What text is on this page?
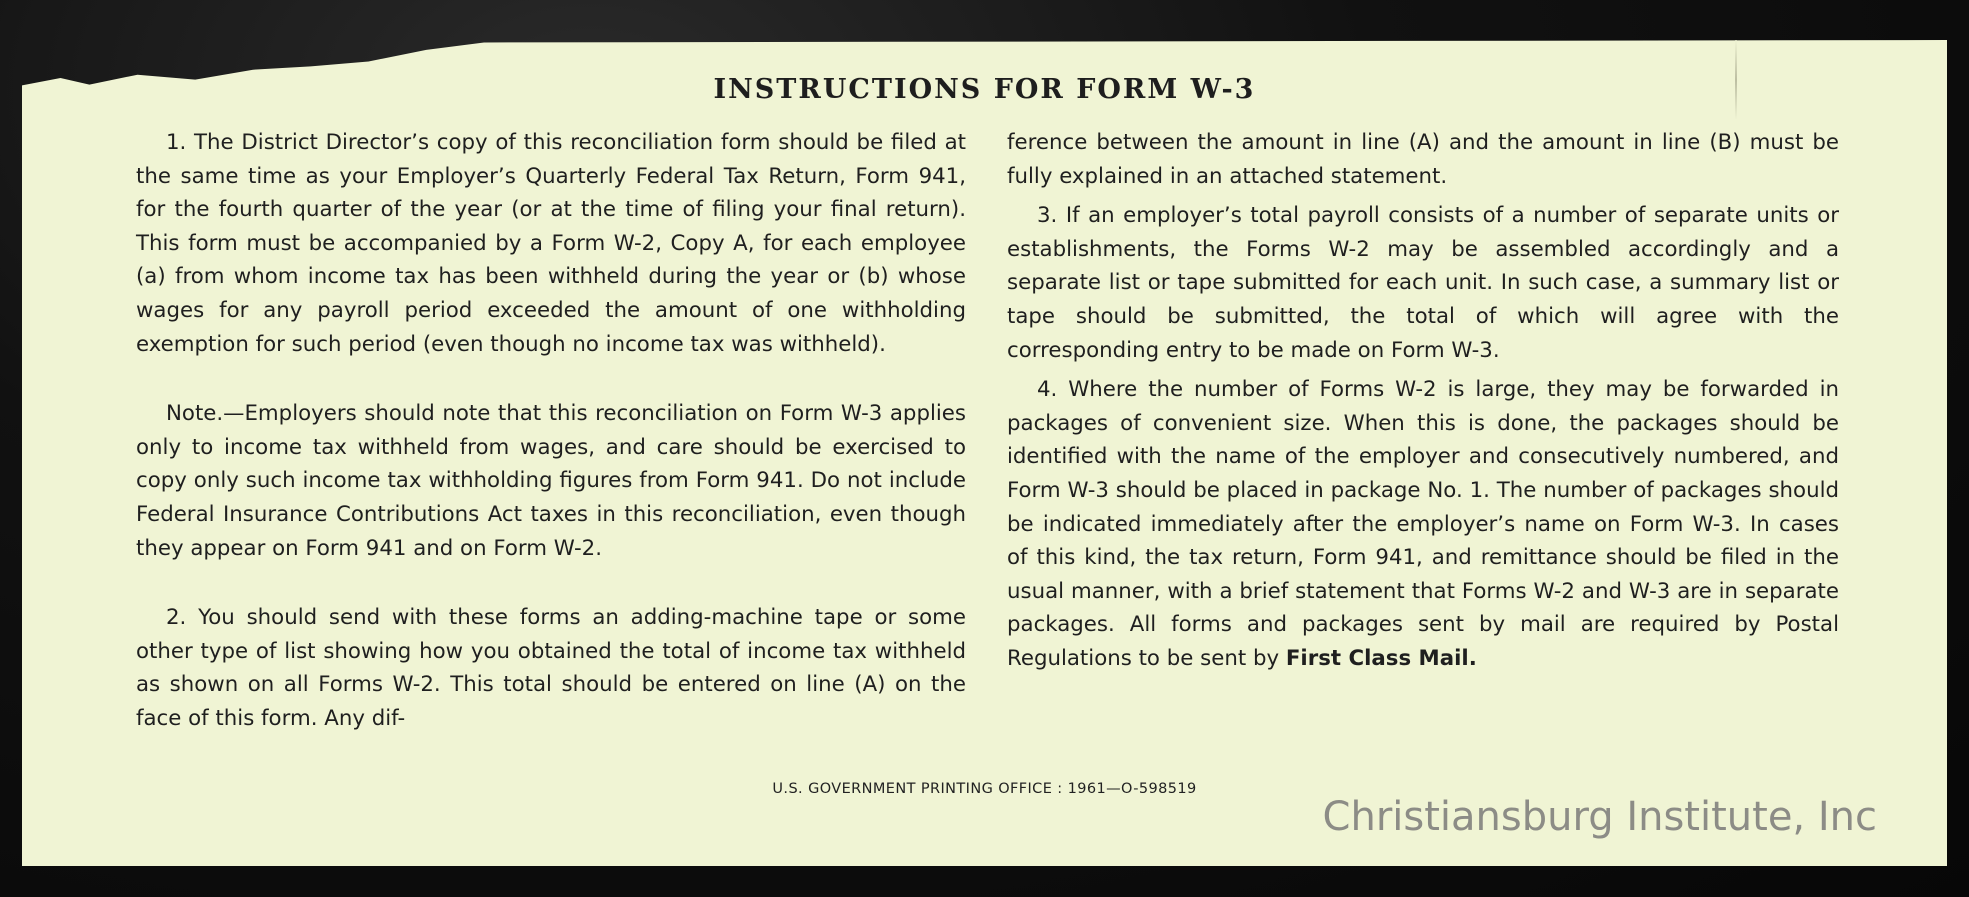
INSTRUCTIONS FOR FORM W-3

1. The District Director’s copy of this reconciliation form should be filed at the same time as your Employer’s Quarterly Federal Tax Return, Form 941, for the fourth quarter of the year (or at the time of filing your final return). This form must be accompanied by a Form W-2, Copy A, for each employee (a) from whom income tax has been withheld during the year or (b) whose wages for any payroll period exceeded the amount of one withholding exemption for such period (even though no income tax was withheld).

Note.—Employers should note that this reconciliation on Form W-3 applies only to income tax withheld from wages, and care should be exercised to copy only such income tax withholding figures from Form 941. Do not include Federal Insurance Contributions Act taxes in this reconciliation, even though they appear on Form 941 and on Form W-2.

2. You should send with these forms an adding-machine tape or some other type of list showing how you obtained the total of income tax withheld as shown on all Forms W-2. This total should be entered on line (A) on the face of this form. Any dif-

ference between the amount in line (A) and the amount in line (B) must be fully explained in an attached statement.

3. If an employer’s total payroll consists of a number of separate units or establishments, the Forms W-2 may be assembled accordingly and a separate list or tape submitted for each unit. In such case, a summary list or tape should be submitted, the total of which will agree with the corresponding entry to be made on Form W-3.

4. Where the number of Forms W-2 is large, they may be forwarded in packages of convenient size. When this is done, the packages should be identified with the name of the employer and consecutively numbered, and Form W-3 should be placed in package No. 1. The number of packages should be indicated immediately after the employer’s name on Form W-3. In cases of this kind, the tax return, Form 941, and remittance should be filed in the usual manner, with a brief statement that Forms W-2 and W-3 are in separate packages. All forms and packages sent by mail are required by Postal Regulations to be sent by First Class Mail.

U.S. GOVERNMENT PRINTING OFFICE : 1961—O-598519
Christiansburg Institute, Inc
